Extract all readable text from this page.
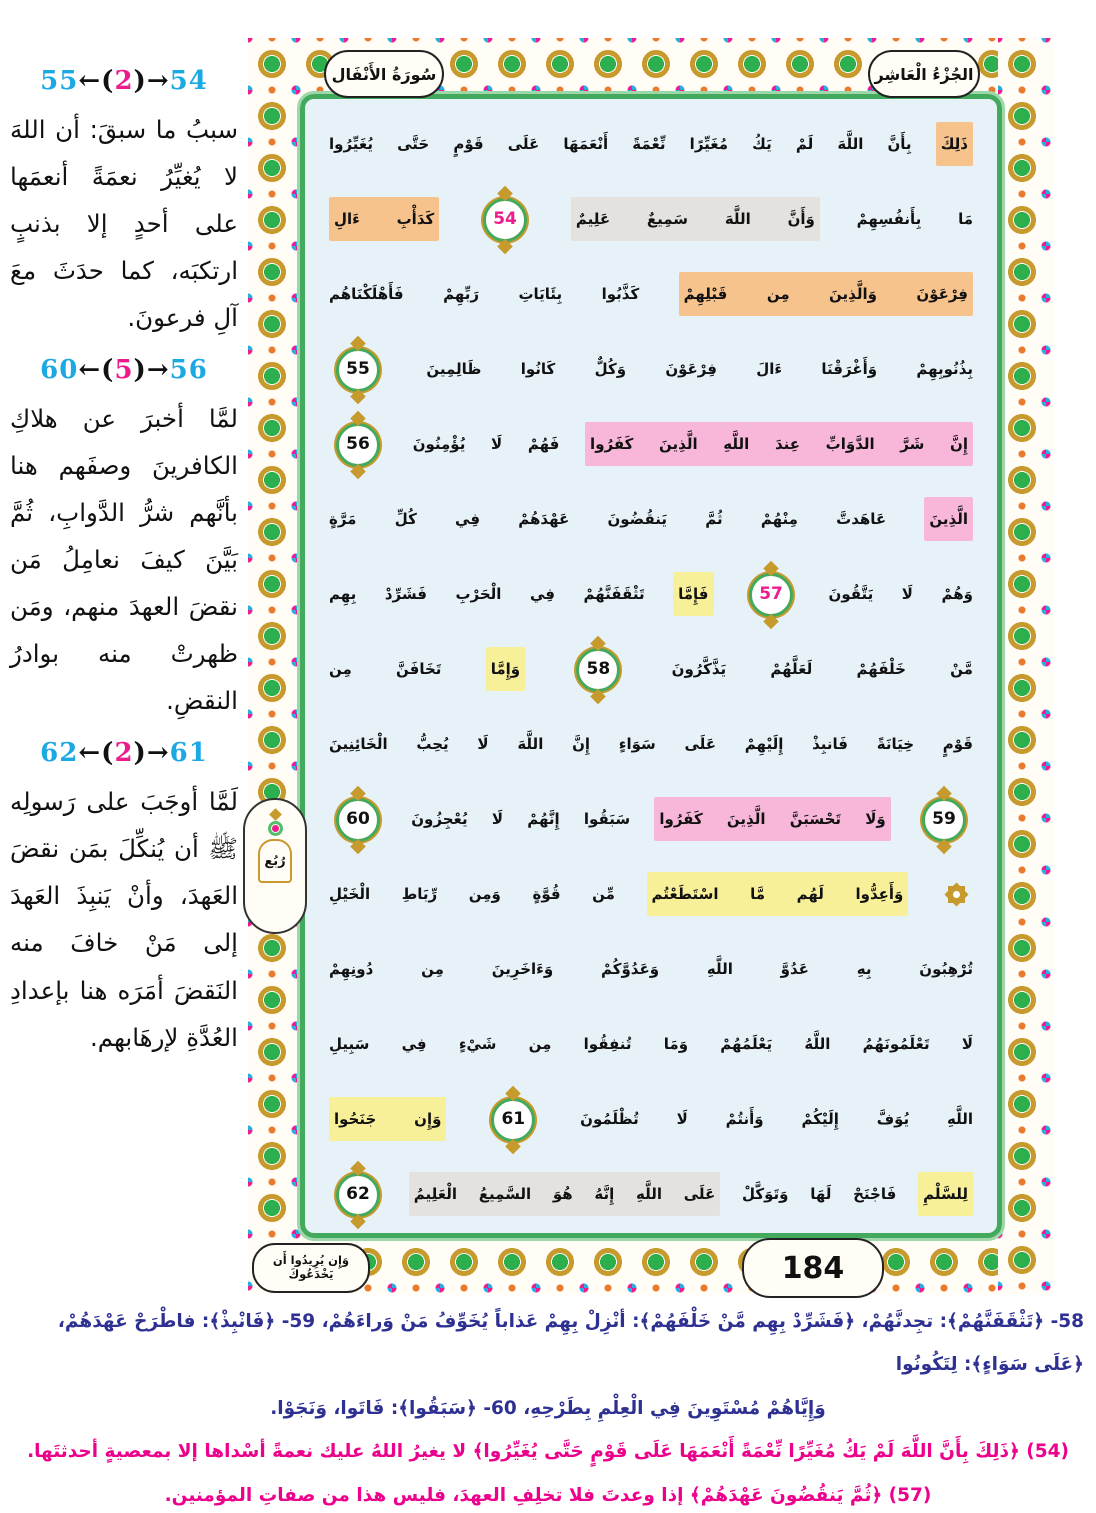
سُورَةُ الأَنْفَال	الجُزْءُ الْعَاشِر
55←(2)→54
سببُ ما سبقَ: أن اللهَ لا يُغيِّرُ نعمَةً أنعمَها على أحدٍ إلا بذنبٍ ارتكبَه، كما حدَثَ معَ آلِ فرعونَ.
60←(5)→56
لمَّا أخبرَ عن هلاكِ الكافرينَ وصفَهم هنا بأنَّهم شرُّ الدَّوابِ، ثُمَّ بَيَّنَ كيفَ نعامِلُ مَن نقضَ العهدَ منهم، ومَن ظهرتْ منه بوادرُ النقضِ.
62←(2)→61
لَمَّا أوجَبَ على رَسولِه ﷺ أن يُنكِّلَ بمَن نقضَ العَهدَ، وأنْ يَنبِذَ العَهدَ إلى مَنْ خافَ منه النَقضَ أمَرَه هنا بإعدادِ العُدَّةِ لإرهَابهم.
رُبُع
ذَلِكَ بِأَنَّ اللَّهَ لَمْ يَكُ مُغَيِّرًا نِّعْمَةً أَنْعَمَهَا عَلَى قَوْمٍ حَتَّى يُغَيِّرُوا
مَا بِأَنفُسِهِمْ وَأَنَّ اللَّهَ سَمِيعٌ عَلِيمٌ 54 كَدَأْبِ ءَالِ
فِرْعَوْنَ وَالَّذِينَ مِن قَبْلِهِمْ كَذَّبُوا بِئَايَاتِ رَبِّهِمْ فَأَهْلَكْنَاهُم
بِذُنُوبِهِمْ وَأَغْرَقْنَا ءَالَ فِرْعَوْنَ وَكُلٌّ كَانُوا ظَالِمِينَ 55
إِنَّ شَرَّ الدَّوَابِّ عِندَ اللَّهِ الَّذِينَ كَفَرُوا فَهُمْ لَا يُؤْمِنُونَ 56
الَّذِينَ عَاهَدتَّ مِنْهُمْ ثُمَّ يَنقُضُونَ عَهْدَهُمْ فِي كُلِّ مَرَّةٍ
وَهُمْ لَا يَتَّقُونَ 57 فَإِمَّا تَثْقَفَنَّهُمْ فِي الْحَرْبِ فَشَرِّدْ بِهِم
مَّنْ خَلْفَهُمْ لَعَلَّهُمْ يَذَّكَّرُونَ 58 وَإِمَّا تَخَافَنَّ مِن
قَوْمٍ خِيَانَةً فَانبِذْ إِلَيْهِمْ عَلَى سَوَاءٍ إِنَّ اللَّهَ لَا يُحِبُّ الْخَائِنِينَ
59 وَلَا تَحْسَبَنَّ الَّذِينَ كَفَرُوا سَبَقُوا إِنَّهُمْ لَا يُعْجِزُونَ 60
وَأَعِدُّوا لَهُم مَّا اسْتَطَعْتُم مِّن قُوَّةٍ وَمِن رِّبَاطِ الْخَيْلِ
تُرْهِبُونَ بِهِ عَدُوَّ اللَّهِ وَعَدُوَّكُمْ وَءَاخَرِينَ مِن دُونِهِمْ
لَا تَعْلَمُونَهُمُ اللَّهُ يَعْلَمُهُمْ وَمَا تُنفِقُوا مِن شَيْءٍ فِي سَبِيلِ
اللَّهِ يُوَفَّ إِلَيْكُمْ وَأَنتُمْ لَا تُظْلَمُونَ 61 وَإِن جَنَحُوا
لِلسَّلْمِ فَاجْنَحْ لَهَا وَتَوَكَّلْ عَلَى اللَّهِ إِنَّهُ هُوَ السَّمِيعُ الْعَلِيمُ 62
184
وَإِن يُرِيدُوا أَن يَخْدَعُوكَ
58- ﴿تَثْقَفَنَّهُمْ﴾: تجِدنَّهُمْ، ﴿فَشَرِّدْ بِهِم مَّنْ خَلْفَهُمْ﴾: أنْزِلْ بِهِمْ عَذاباً يُخَوِّفُ مَنْ وَراءَهُمْ، 59- ﴿فَانْبِذْ﴾: فاطْرَحْ عَهْدَهُمْ، ﴿عَلَى سَوَاءٍ﴾: لِتَكُونُوا
وَإِيَّاهُمْ مُسْتَوِينَ فِي الْعِلْمِ بِطَرْحِهِ، 60- ﴿سَبَقُوا﴾: فَاتَوا، وَنَجَوْا.
(54) ﴿ذَلِكَ بِأَنَّ اللَّهَ لَمْ يَكُ مُغَيِّرًا نِّعْمَةً أَنْعَمَهَا عَلَى قَوْمٍ حَتَّى يُغَيِّرُوا﴾ لا يغيرُ اللهُ عليك نعمةً أسْداها إلا بمعصيةٍ أحدثتَها.
(57) ﴿ثُمَّ يَنقُضُونَ عَهْدَهُمْ﴾ إذا وعدتَ فلا تخلِفِ العهدَ، فليس هذا من صفاتِ المؤمنين.
